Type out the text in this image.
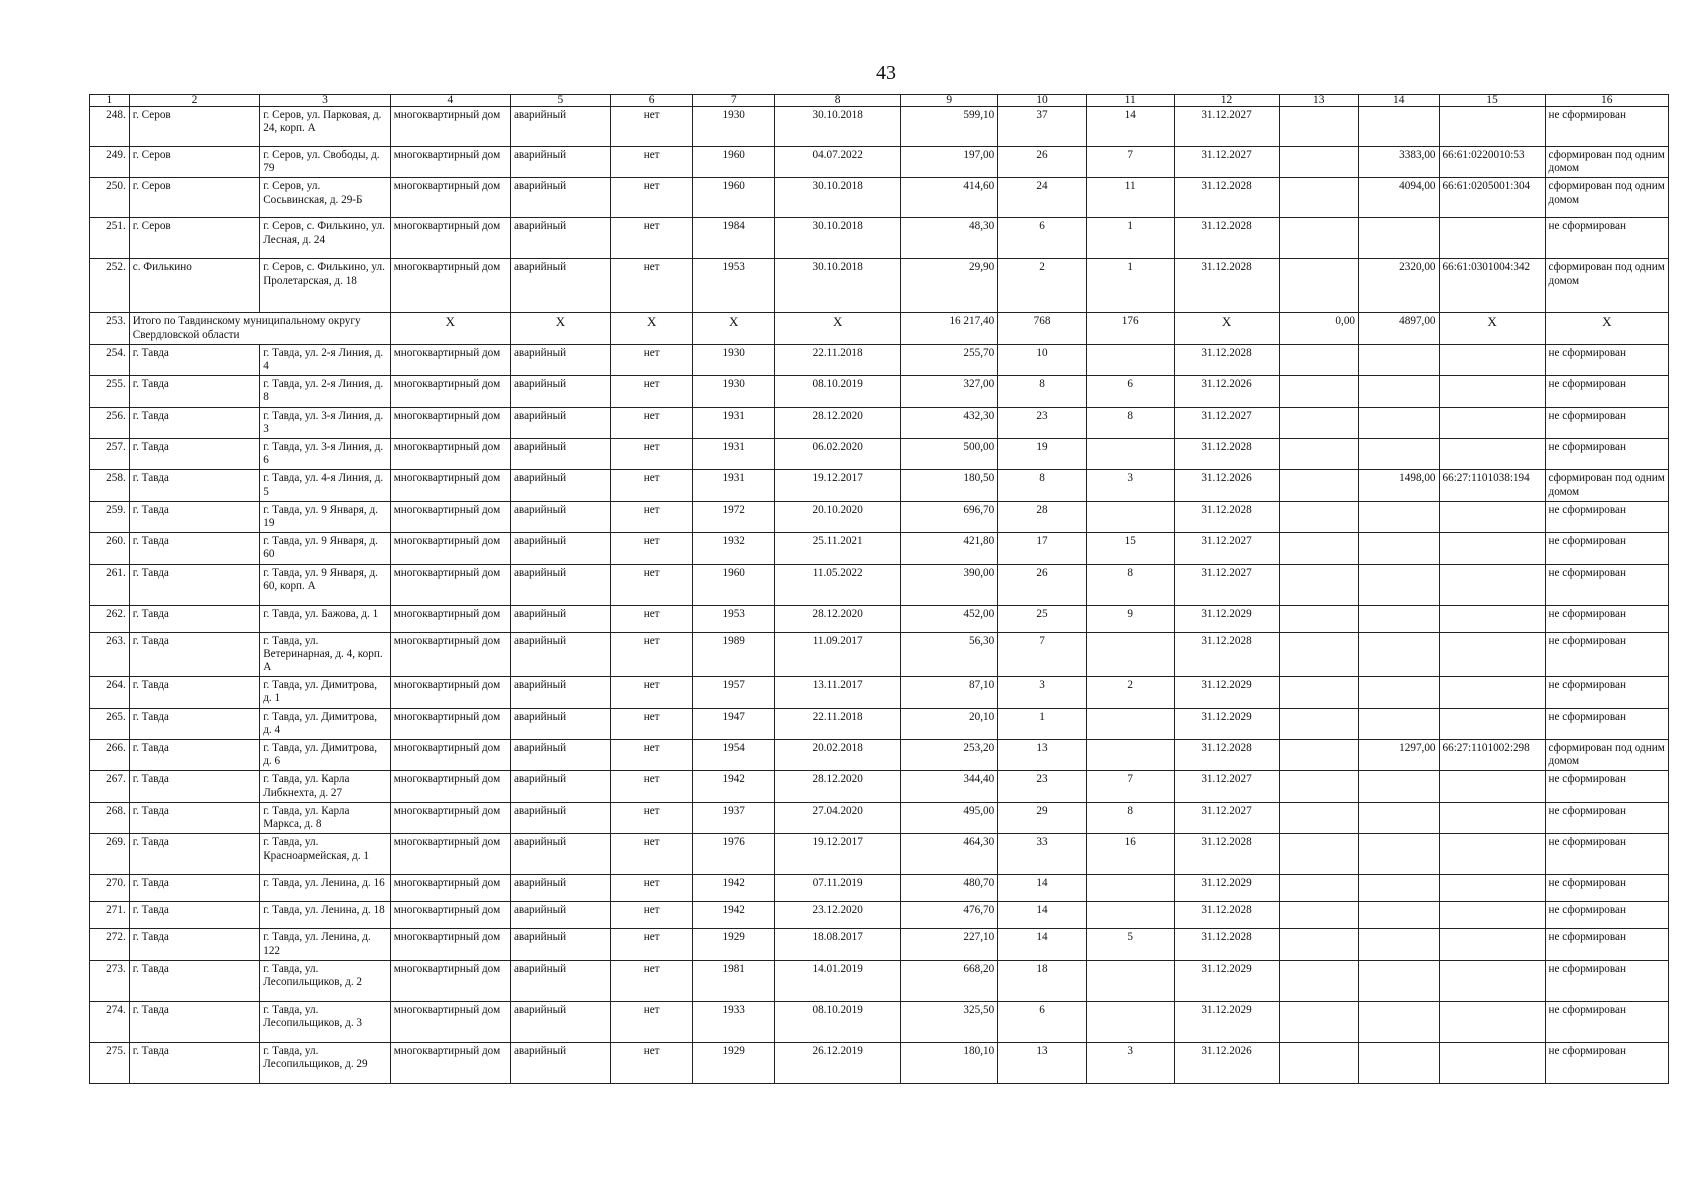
43
1	2	3	4	5	6	7	8	9	10	11	12	13	14	15	16
248.	г. Серов	г. Серов, ул. Парковая, д. 24, корп. А	многоквартирный дом	аварийный	нет	1930	30.10.2018	599,10	37	14	31.12.2027				не сформирован
249.	г. Серов	г. Серов, ул. Свободы, д. 79	многоквартирный дом	аварийный	нет	1960	04.07.2022	197,00	26	7	31.12.2027		3383,00	66:61:0220010:53	сформирован под одним домом
250.	г. Серов	г. Серов, ул. Сосьвинская, д. 29-Б	многоквартирный дом	аварийный	нет	1960	30.10.2018	414,60	24	11	31.12.2028		4094,00	66:61:0205001:304	сформирован под одним домом
251.	г. Серов	г. Серов, с. Филькино, ул. Лесная, д. 24	многоквартирный дом	аварийный	нет	1984	30.10.2018	48,30	6	1	31.12.2028				не сформирован
252.	с. Филькино	г. Серов, с. Филькино, ул. Пролетарская, д. 18	многоквартирный дом	аварийный	нет	1953	30.10.2018	29,90	2	1	31.12.2028		2320,00	66:61:0301004:342	сформирован под одним домом
253.	Итого по Тавдинскому муниципальному округу Свердловской области		Х	Х	Х	Х	Х	16 217,40	768	176	Х	0,00	4897,00	Х	Х
254.	г. Тавда	г. Тавда, ул. 2-я Линия, д. 4	многоквартирный дом	аварийный	нет	1930	22.11.2018	255,70	10		31.12.2028				не сформирован
255.	г. Тавда	г. Тавда, ул. 2-я Линия, д. 8	многоквартирный дом	аварийный	нет	1930	08.10.2019	327,00	8	6	31.12.2026				не сформирован
256.	г. Тавда	г. Тавда, ул. 3-я Линия, д. 3	многоквартирный дом	аварийный	нет	1931	28.12.2020	432,30	23	8	31.12.2027				не сформирован
257.	г. Тавда	г. Тавда, ул. 3-я Линия, д. 6	многоквартирный дом	аварийный	нет	1931	06.02.2020	500,00	19		31.12.2028				не сформирован
258.	г. Тавда	г. Тавда, ул. 4-я Линия, д. 5	многоквартирный дом	аварийный	нет	1931	19.12.2017	180,50	8	3	31.12.2026		1498,00	66:27:1101038:194	сформирован под одним домом
259.	г. Тавда	г. Тавда, ул. 9 Января, д. 19	многоквартирный дом	аварийный	нет	1972	20.10.2020	696,70	28		31.12.2028				не сформирован
260.	г. Тавда	г. Тавда, ул. 9 Января, д. 60	многоквартирный дом	аварийный	нет	1932	25.11.2021	421,80	17	15	31.12.2027				не сформирован
261.	г. Тавда	г. Тавда, ул. 9 Января, д. 60, корп. А	многоквартирный дом	аварийный	нет	1960	11.05.2022	390,00	26	8	31.12.2027				не сформирован
262.	г. Тавда	г. Тавда, ул. Бажова, д. 1	многоквартирный дом	аварийный	нет	1953	28.12.2020	452,00	25	9	31.12.2029				не сформирован
263.	г. Тавда	г. Тавда, ул. Ветеринарная, д. 4, корп. А	многоквартирный дом	аварийный	нет	1989	11.09.2017	56,30	7		31.12.2028				не сформирован
264.	г. Тавда	г. Тавда, ул. Димитрова, д. 1	многоквартирный дом	аварийный	нет	1957	13.11.2017	87,10	3	2	31.12.2029				не сформирован
265.	г. Тавда	г. Тавда, ул. Димитрова, д. 4	многоквартирный дом	аварийный	нет	1947	22.11.2018	20,10	1		31.12.2029				не сформирован
266.	г. Тавда	г. Тавда, ул. Димитрова, д. 6	многоквартирный дом	аварийный	нет	1954	20.02.2018	253,20	13		31.12.2028		1297,00	66:27:1101002:298	сформирован под одним домом
267.	г. Тавда	г. Тавда, ул. Карла Либкнехта, д. 27	многоквартирный дом	аварийный	нет	1942	28.12.2020	344,40	23	7	31.12.2027				не сформирован
268.	г. Тавда	г. Тавда, ул. Карла Маркса, д. 8	многоквартирный дом	аварийный	нет	1937	27.04.2020	495,00	29	8	31.12.2027				не сформирован
269.	г. Тавда	г. Тавда, ул. Красноармейская, д. 1	многоквартирный дом	аварийный	нет	1976	19.12.2017	464,30	33	16	31.12.2028				не сформирован
270.	г. Тавда	г. Тавда, ул. Ленина, д. 16	многоквартирный дом	аварийный	нет	1942	07.11.2019	480,70	14		31.12.2029				не сформирован
271.	г. Тавда	г. Тавда, ул. Ленина, д. 18	многоквартирный дом	аварийный	нет	1942	23.12.2020	476,70	14		31.12.2028				не сформирован
272.	г. Тавда	г. Тавда, ул. Ленина, д. 122	многоквартирный дом	аварийный	нет	1929	18.08.2017	227,10	14	5	31.12.2028				не сформирован
273.	г. Тавда	г. Тавда, ул. Лесопильщиков, д. 2	многоквартирный дом	аварийный	нет	1981	14.01.2019	668,20	18		31.12.2029				не сформирован
274.	г. Тавда	г. Тавда, ул. Лесопильщиков, д. 3	многоквартирный дом	аварийный	нет	1933	08.10.2019	325,50	6		31.12.2029				не сформирован
275.	г. Тавда	г. Тавда, ул. Лесопильщиков, д. 29	многоквартирный дом	аварийный	нет	1929	26.12.2019	180,10	13	3	31.12.2026				не сформирован
